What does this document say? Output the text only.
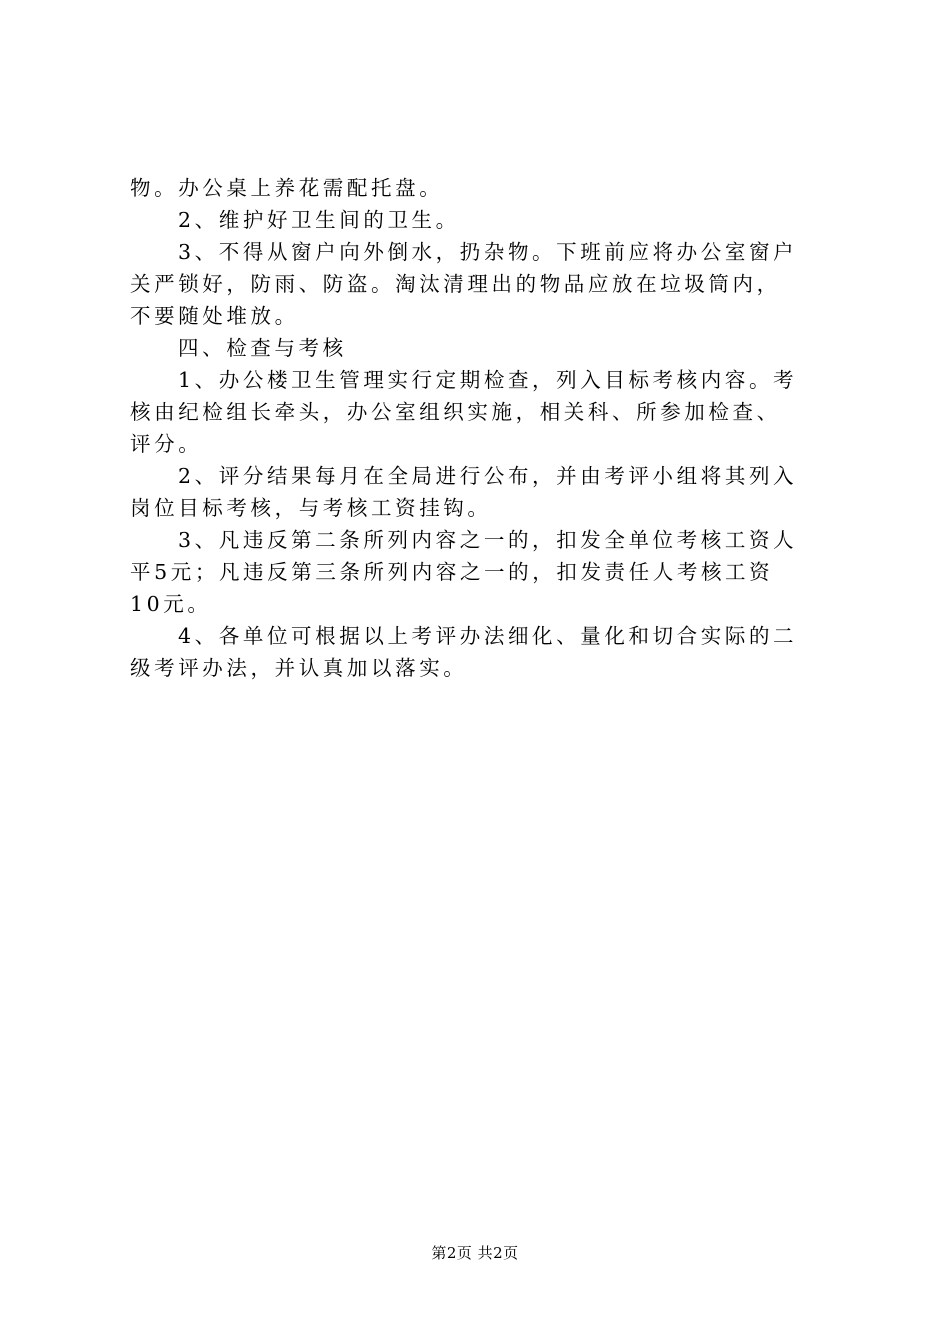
物。办公桌上养花需配托盘。
2、维护好卫生间的卫生。
3、不得从窗户向外倒水，扔杂物。下班前应将办公室窗户
关严锁好，防雨、防盗。淘汰清理出的物品应放在垃圾筒内，
不要随处堆放。
四、检查与考核
1、办公楼卫生管理实行定期检查，列入目标考核内容。考
核由纪检组长牵头，办公室组织实施，相关科、所参加检查、
评分。
2、评分结果每月在全局进行公布，并由考评小组将其列入
岗位目标考核，与考核工资挂钩。
3、凡违反第二条所列内容之一的，扣发全单位考核工资人
平5元；凡违反第三条所列内容之一的，扣发责任人考核工资
10元。
4、各单位可根据以上考评办法细化、量化和切合实际的二
级考评办法，并认真加以落实。
第2页 共2页
